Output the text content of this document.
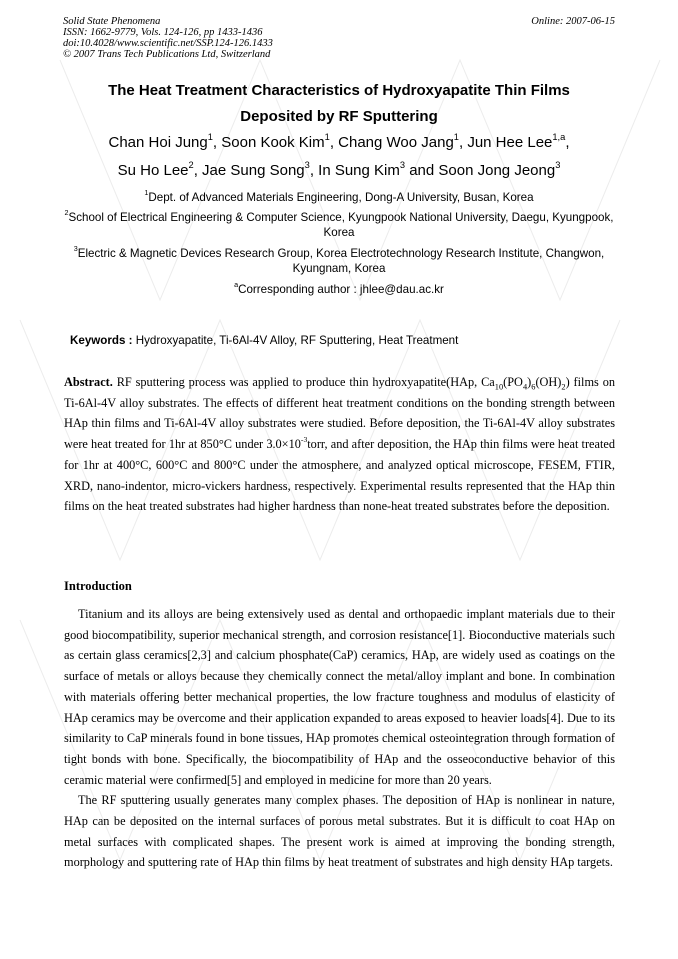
Solid State Phenomena
ISSN: 1662-9779, Vols. 124-126, pp 1433-1436
doi:10.4028/www.scientific.net/SSP.124-126.1433
© 2007 Trans Tech Publications Ltd, Switzerland
Online: 2007-06-15
The Heat Treatment Characteristics of Hydroxyapatite Thin Films
Deposited by RF Sputtering
Chan Hoi Jung$^1$, Soon Kook Kim$^1$, Chang Woo Jang$^1$, Jun Hee Lee$^{1,a}$,
Su Ho Lee$^2$, Jae Sung Song$^3$, In Sung Kim$^3$ and Soon Jong Jeong$^3$
$^1$Dept. of Advanced Materials Engineering, Dong-A University, Busan, Korea
$^2$School of Electrical Engineering & Computer Science, Kyungpook National University, Daegu, Kyungpook, Korea
$^3$Electric & Magnetic Devices Research Group, Korea Electrotechnology Research Institute, Changwon, Kyungnam, Korea
$^a$Corresponding author : jhlee@dau.ac.kr
Keywords : Hydroxyapatite, Ti-6Al-4V Alloy, RF Sputtering, Heat Treatment
Abstract. RF sputtering process was applied to produce thin hydroxyapatite(HAp, $Ca_{10}(PO_4)_6(OH)_2$) films on Ti-6Al-4V alloy substrates. The effects of different heat treatment conditions on the bonding strength between HAp thin films and Ti-6Al-4V alloy substrates were studied. Before deposition, the Ti-6Al-4V alloy substrates were heat treated for 1hr at 850°C under $3.0\times 10^{-3}torr$, and after deposition, the HAp thin films were heat treated for 1hr at 400°C, 600°C and 800°C under the atmosphere, and analyzed optical microscope, FESEM, FTIR, XRD, nano-indentor, micro-vickers hardness, respectively. Experimental results represented that the HAp thin films on the heat treated substrates had higher hardness than none-heat treated substrates before the deposition.
Introduction

Titanium and its alloys are being extensively used as dental and orthopaedic implant materials due to their good biocompatibility, superior mechanical strength, and corrosion resistance[1]. Bioconductive materials such as certain glass ceramics[2,3] and calcium phosphate(CaP) ceramics, HAp, are widely used as coatings on the surface of metals or alloys because they chemically connect the metal/alloy implant and bone. In combination with materials offering better mechanical properties, the low fracture toughness and modulus of elasticity of HAp ceramics may be overcome and their application expanded to areas exposed to heavier loads[4]. Due to its similarity to CaP minerals found in bone tissues, HAp promotes chemical osteointegration through formation of tight bonds with bone. Specifically, the biocompatibility of HAp and the osseoconductive behavior of this ceramic material were confirmed[5] and employed in medicine for more than 20 years.

The RF sputtering usually generates many complex phases. The deposition of HAp is nonlinear in nature, HAp can be deposited on the internal surfaces of porous metal substrates. But it is difficult to coat HAp on metal surfaces with complicated shapes. The present work is aimed at improving the bonding strength, morphology and sputtering rate of HAp thin films by heat treatment of substrates and high density HAp targets.
